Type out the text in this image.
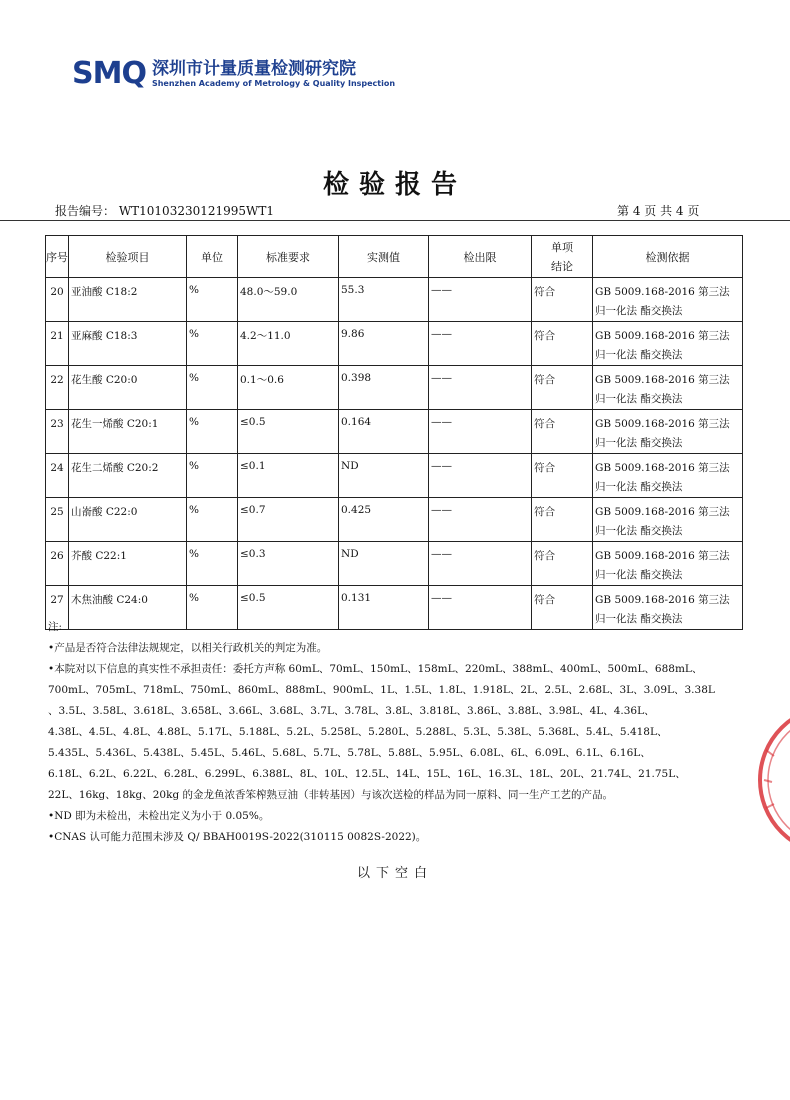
SMQ 深圳市计量质量检测研究院
Shenzhen Academy of Metrology & Quality Inspection
检验报告
报告编号： WT10103230121995WT1	第 4 页 共 4 页
序号	检验项目	单位	标准要求	实测值	检出限	单项结论	检测依据

20	亚油酸 C18:2	%	48.0～59.0	55.3	——	符合	GB 5009.168-2016 第三法 归一化法 酯交换法

21	亚麻酸 C18:3	%	4.2～11.0	9.86	——	符合	GB 5009.168-2016 第三法 归一化法 酯交换法

22	花生酸 C20:0	%	0.1～0.6	0.398	——	符合	GB 5009.168-2016 第三法 归一化法 酯交换法

23	花生一烯酸 C20:1	%	≤0.5	0.164	——	符合	GB 5009.168-2016 第三法 归一化法 酯交换法

24	花生二烯酸 C20:2	%	≤0.1	ND	——	符合	GB 5009.168-2016 第三法 归一化法 酯交换法

25	山嵛酸 C22:0	%	≤0.7	0.425	——	符合	GB 5009.168-2016 第三法 归一化法 酯交换法

26	芥酸 C22:1	%	≤0.3	ND	——	符合	GB 5009.168-2016 第三法 归一化法 酯交换法

27	木焦油酸 C24:0	%	≤0.5	0.131	——	符合	GB 5009.168-2016 第三法 归一化法 酯交换法

注:

•产品是否符合法律法规规定，以相关行政机关的判定为准。

•本院对以下信息的真实性不承担责任：委托方声称 60mL、70mL、150mL、158mL、220mL、388mL、400mL、500mL、688mL、

700mL、705mL、718mL、750mL、860mL、888mL、900mL、1L、1.5L、1.8L、1.918L、2L、2.5L、2.68L、3L、3.09L、3.38L

、3.5L、3.58L、3.618L、3.658L、3.66L、3.68L、3.7L、3.78L、3.8L、3.818L、3.86L、3.88L、3.98L、4L、4.36L、

4.38L、4.5L、4.8L、4.88L、5.17L、5.188L、5.2L、5.258L、5.280L、5.288L、5.3L、5.38L、5.368L、5.4L、5.418L、

5.435L、5.436L、5.438L、5.45L、5.46L、5.68L、5.7L、5.78L、5.88L、5.95L、6.08L、6L、6.09L、6.1L、6.16L、

6.18L、6.2L、6.22L、6.28L、6.299L、6.388L、8L、10L、12.5L、14L、15L、16L、16.3L、18L、20L、21.74L、21.75L、

22L、16kg、18kg、20kg 的金龙鱼浓香笨榨熟豆油（非转基因）与该次送检的样品为同一原料、同一生产工艺的产品。

•ND 即为未检出，未检出定义为小于 0.05%。

•CNAS 认可能力范围未涉及 Q/ BBAH0019S-2022(310115 0082S-2022)。

以下空白
